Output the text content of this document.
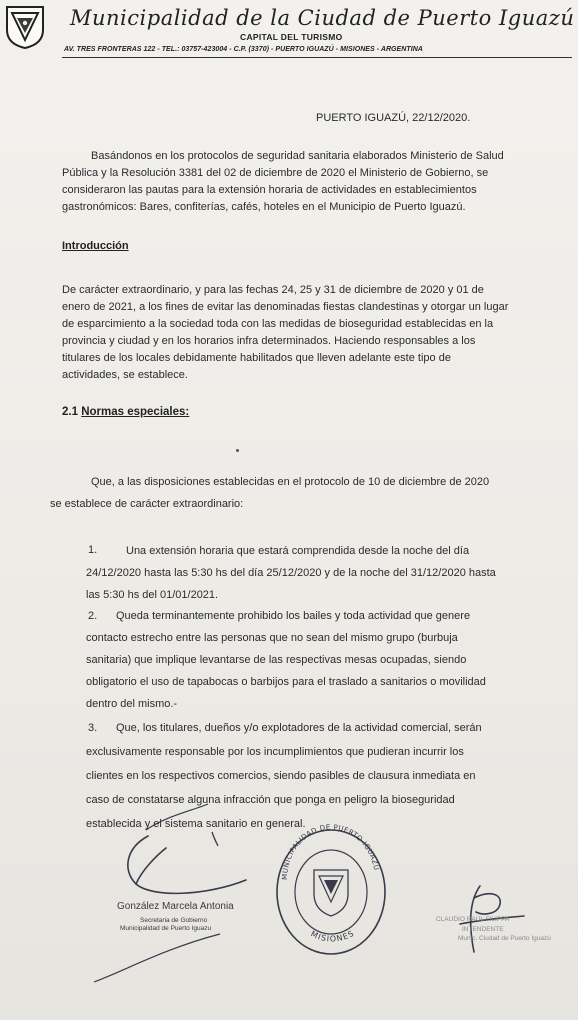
Municipalidad de la Ciudad de Puerto Iguazú
CAPITAL DEL TURISMO
AV. TRES FRONTERAS 122 - TEL.: 03757-423004 - C.P. (3370) - PUERTO IGUAZÚ - MISIONES - ARGENTINA
PUERTO IGUAZÚ, 22/12/2020.
Basándonos en los protocolos de seguridad sanitaria elaborados Ministerio de Salud
Pública y la Resolución 3381 del 02 de diciembre de 2020 el Ministerio de Gobierno, se
consideraron las pautas para la extensión horaria de actividades en establecimientos
gastronómicos: Bares, confiterías, cafés, hoteles en el Municipio de Puerto Iguazú.
Introducción
De carácter extraordinario, y para las fechas 24, 25 y 31 de diciembre de 2020 y 01 de
enero de 2021, a los fines de evitar las denominadas fiestas clandestinas y otorgar un lugar
de esparcimiento a la sociedad toda con las medidas de bioseguridad establecidas en la
provincia y ciudad y en los horarios infra determinados. Haciendo responsables a los
titulares de los locales debidamente habilitados que lleven adelante este tipo de
actividades, se establece.
2.1 Normas especiales:
Que, a las disposiciones establecidas en el protocolo de 10 de diciembre de 2020
se establece de carácter extraordinario:
1.	Una extensión horaria que estará comprendida desde la noche del día
24/12/2020 hasta las 5:30 hs del día 25/12/2020 y de la noche del 31/12/2020 hasta
las 5:30 hs del 01/01/2021.
2.	Queda terminantemente prohibido los bailes y toda actividad que genere
contacto estrecho entre las personas que no sean del mismo grupo (burbuja
sanitaria) que implique levantarse de las respectivas mesas ocupadas, siendo
obligatorio el uso de tapabocas o barbijos para el traslado a sanitarios o movilidad
dentro del mismo.-
3.	Que, los titulares, dueños y/o explotadores de la actividad comercial, serán
exclusivamente responsable por los incumplimientos que pudieran incurrir los
clientes en los respectivos comercios, siendo pasibles de clausura inmediata en
caso de constatarse alguna infracción que ponga en peligro la bioseguridad
establecida y el sistema sanitario en general.
González Marcela Antonia
Secretaria de Gobierno
Municipalidad de Puerto Iguazu
MUNICIPALIDAD DE PUERTO IGUAZU
MISIONES
CLAUDIO RAÚL FILIPPA
INTENDENTE
Munic. Ciudad de Puerto Iguazú
